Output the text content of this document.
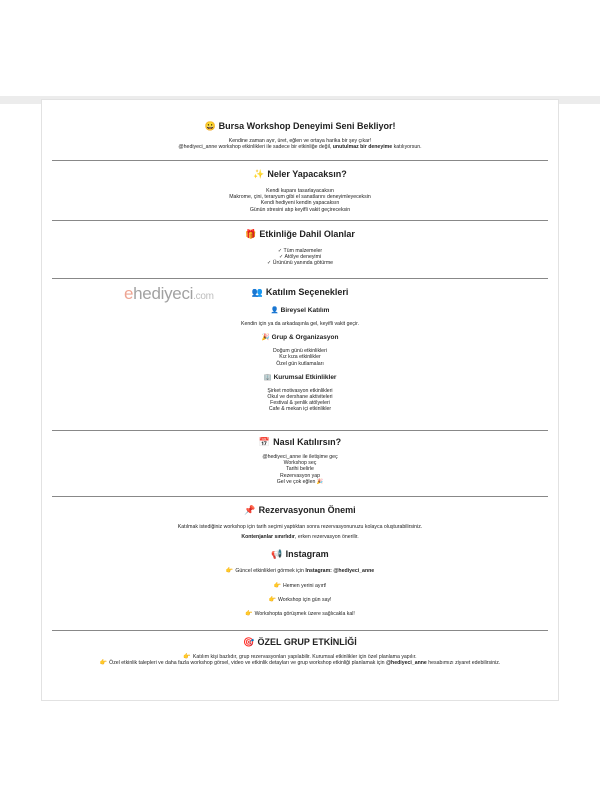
😀 Bursa Workshop Deneyimi Seni Bekliyor!

Kendine zaman ayır, üret, eğlen ve ortaya harika bir şey çıkar!

@hediyeci_anne workshop etkinlikleri ile sadece bir etkinliğe değil, unutulmaz bir deneyime katılıyorsun.

✨ Neler Yapacaksın?

Kendi kupanı tasarlayacaksın

Makrome, çini, teraryum gibi el sanatlarını deneyimleyeceksin

Kendi hediyeni kendin yapacaksın

Günün stresini atıp keyifli vakit geçireceksin

🎁 Etkinliğe Dahil Olanlar

✓ Tüm malzemeler

✓ Atölye deneyimi

✓ Ürününü yanında götürme

👥 Katılım Seçenekleri
👤 Bireysel Katılım

Kendin için ya da arkadaşınla gel, keyifli vakit geçir.

🎉 Grup & Organizasyon

Doğum günü etkinlikleri

Kız kıza etkinlikler

Özel gün kutlamaları

🏢 Kurumsal Etkinlikler

Şirket motivasyon etkinlikleri

Okul ve dershane aktiviteleri

Festival & şenlik atölyeleri

Cafe & mekan içi etkinlikler

📅 Nasıl Katılırsın?

@hediyeci_anne ile iletişime geç

Workshop seç

Tarihi belirle

Rezervasyon yap

Gel ve çok eğlen 🎉

📌 Rezervasyonun Önemi

Katılmak istediğiniz workshop için tarih seçimi yaptıktan sonra rezervasyonunuzu kolayca oluşturabilirsiniz.

Kontenjanlar sınırlıdır, erken rezervasyon önerilir.

📢 Instagram

👉 Güncel etkinlikleri görmek için Instagram: @hediyeci_anne

👉 Hemen yerini ayırt!

👉 Workshop için gün say!

👉 Workshopta görüşmek üzere sağlıcakla kal!

🎯 ÖZEL GRUP ETKİNLİĞİ

👉 Katılım kişi bazlıdır, grup rezervasyonları yapılabilir. Kurumsal etkinlikler için özel planlama yapılır.

👉 Özel etkinlik talepleri ve daha fazla workshop görsel, video ve etkinlik detayları ve grup workshop etkinliği planlamak için @hediyeci_anne hesabımızı ziyaret edebilirsiniz.

ehediyeci.com
